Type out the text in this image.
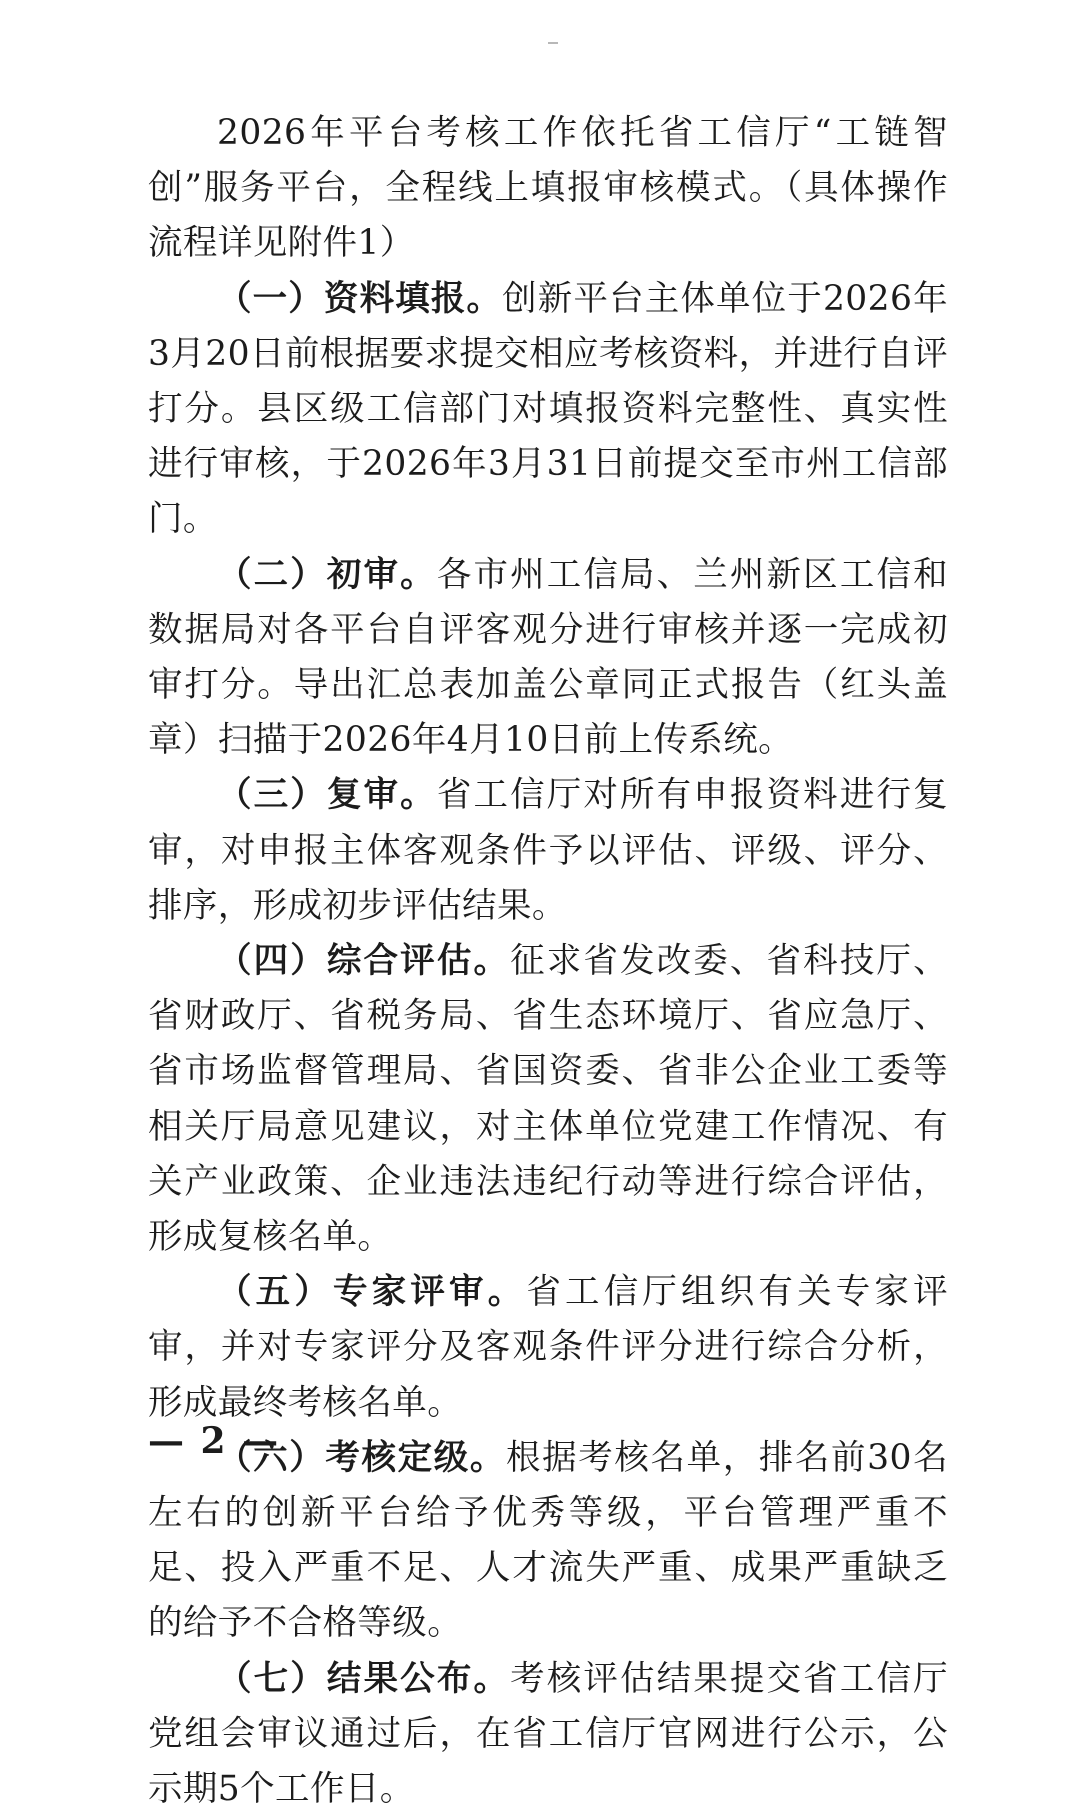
2026年平台考核工作依托省工信厅“工链智创”服务平台，全程线上填报审核模式。（具体操作流程详见附件1）

（一）资料填报。创新平台主体单位于2026年3月20日前根据要求提交相应考核资料，并进行自评打分。县区级工信部门对填报资料完整性、真实性进行审核，于2026年3月31日前提交至市州工信部门。

（二）初审。各市州工信局、兰州新区工信和数据局对各平台自评客观分进行审核并逐一完成初审打分。导出汇总表加盖公章同正式报告（红头盖章）扫描于2026年4月10日前上传系统。

（三）复审。省工信厅对所有申报资料进行复审，对申报主体客观条件予以评估、评级、评分、排序，形成初步评估结果。

（四）综合评估。征求省发改委、省科技厅、省财政厅、省税务局、省生态环境厅、省应急厅、省市场监督管理局、省国资委、省非公企业工委等相关厅局意见建议，对主体单位党建工作情况、有关产业政策、企业违法违纪行动等进行综合评估，形成复核名单。

（五）专家评审。省工信厅组织有关专家评审，并对专家评分及客观条件评分进行综合分析，形成最终考核名单。

（六）考核定级。根据考核名单，排名前30名左右的创新平台给予优秀等级，平台管理严重不足、投入严重不足、人才流失严重、成果严重缺乏的给予不合格等级。

（七）结果公布。考核评估结果提交省工信厅党组会审议通过后，在省工信厅官网进行公示，公示期5个工作日。

— 2 —
